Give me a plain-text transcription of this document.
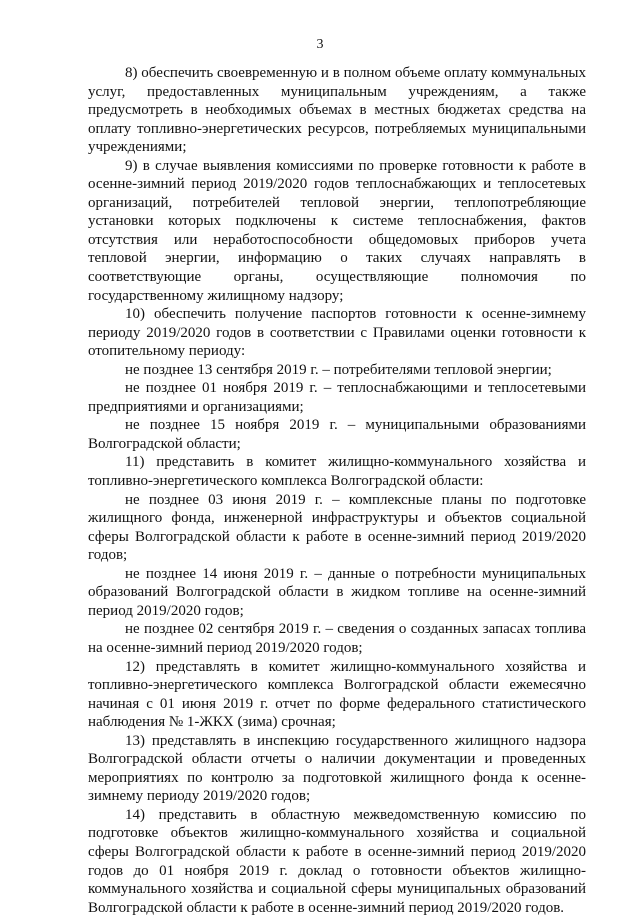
3

8) обеспечить своевременную и в полном объеме оплату коммунальных услуг, предоставленных муниципальным учреждениям, а также предусмотреть в необходимых объемах в местных бюджетах средства на оплату топливно-энергетических ресурсов, потребляемых муниципальными учреждениями;

9) в случае выявления комиссиями по проверке готовности к работе в осенне-зимний период 2019/2020 годов теплоснабжающих и теплосетевых организаций, потребителей тепловой энергии, теплопотребляющие установки которых подключены к системе теплоснабжения, фактов отсутствия или неработоспособности общедомовых приборов учета тепловой энергии, информацию о таких случаях направлять в соответствующие органы, осуществляющие полномочия по государственному жилищному надзору;

10) обеспечить получение паспортов готовности к осенне-зимнему периоду 2019/2020 годов в соответствии с Правилами оценки готовности к отопительному периоду:

не позднее 13 сентября 2019 г. – потребителями тепловой энергии;

не позднее 01 ноября 2019 г. – теплоснабжающими и теплосетевыми предприятиями и организациями;

не позднее 15 ноября 2019 г. – муниципальными образованиями Волгоградской области;

11) представить в комитет жилищно-коммунального хозяйства и топливно-энергетического комплекса Волгоградской области:

не позднее 03 июня 2019 г. – комплексные планы по подготовке жилищного фонда, инженерной инфраструктуры и объектов социальной сферы Волгоградской области к работе в осенне-зимний период 2019/2020 годов;

не позднее 14 июня 2019 г. – данные о потребности муниципальных образований Волгоградской области в жидком топливе на осенне-зимний период 2019/2020 годов;

не позднее 02 сентября 2019 г. – сведения о созданных запасах топлива на осенне-зимний период 2019/2020 годов;

12) представлять в комитет жилищно-коммунального хозяйства и топливно-энергетического комплекса Волгоградской области ежемесячно начиная с 01 июня 2019 г. отчет по форме федерального статистического наблюдения № 1-ЖКХ (зима) срочная;

13) представлять в инспекцию государственного жилищного надзора Волгоградской области отчеты о наличии документации и проведенных мероприятиях по контролю за подготовкой жилищного фонда к осенне-зимнему периоду 2019/2020 годов;

14) представить в областную межведомственную комиссию по подготовке объектов жилищно-коммунального хозяйства и социальной сферы Волгоградской области к работе в осенне-зимний период 2019/2020 годов до 01 ноября 2019 г. доклад о готовности объектов жилищно-коммунального хозяйства и социальной сферы муниципальных образований Волгоградской области к работе в осенне-зимний период 2019/2020 годов.
